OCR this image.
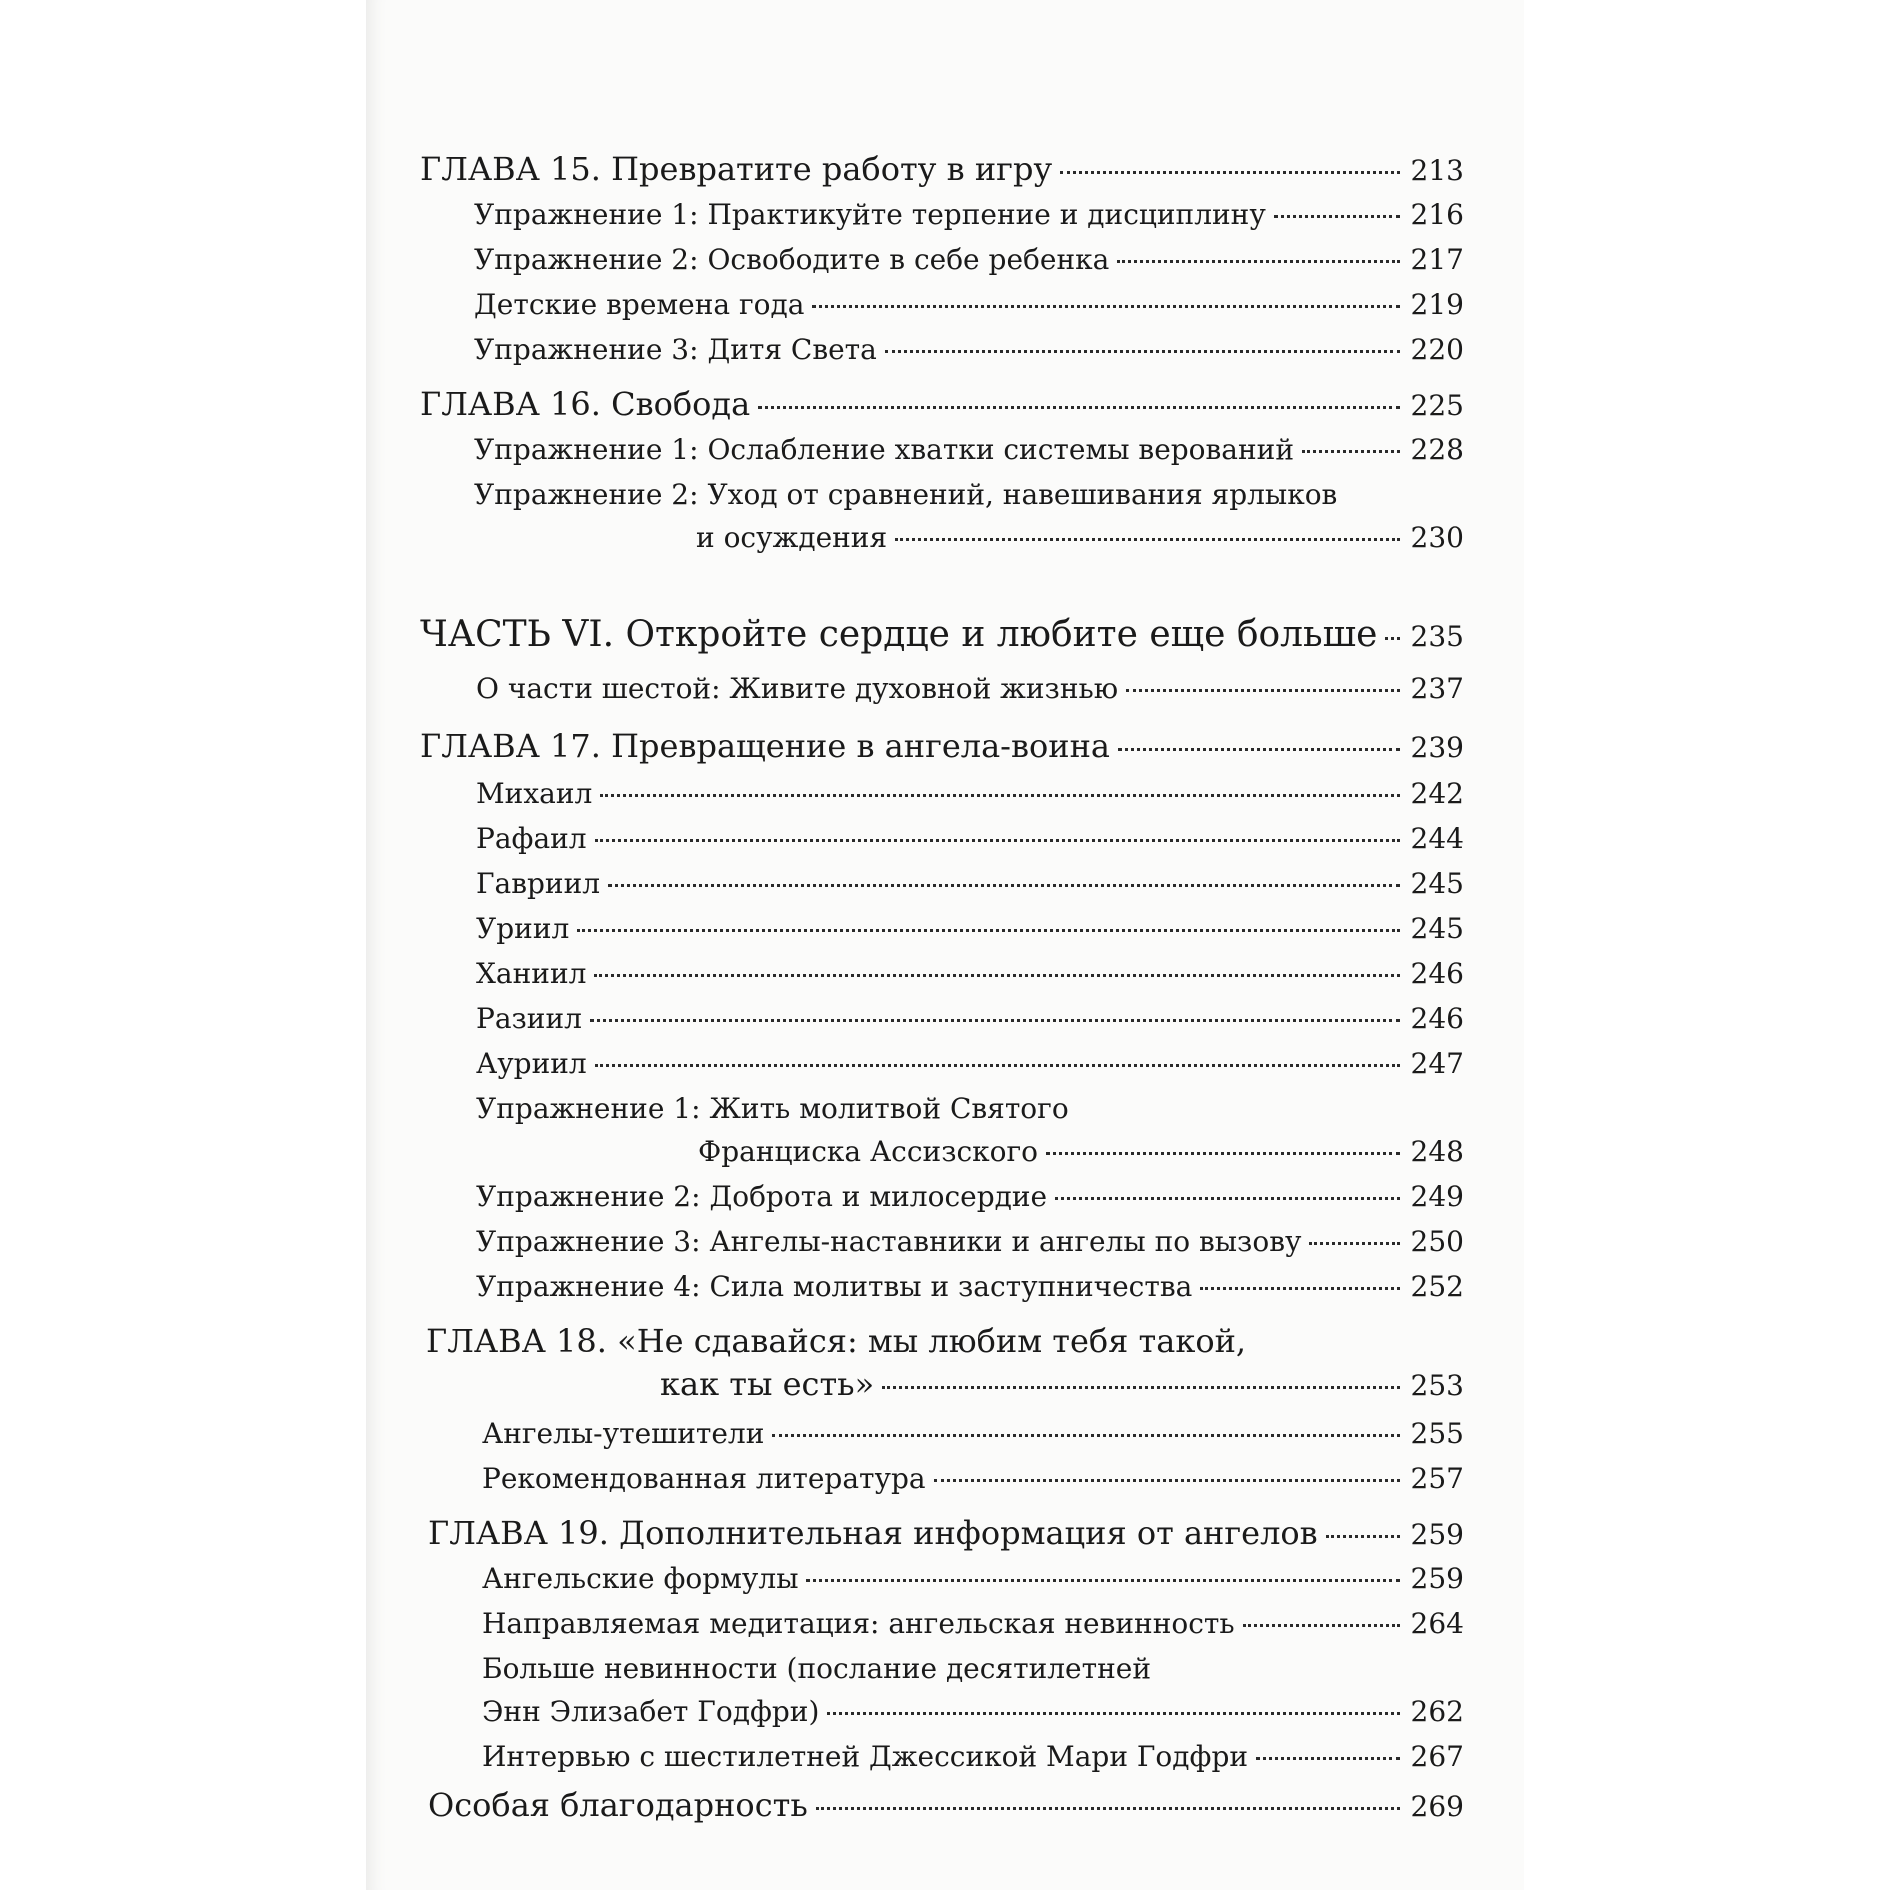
ГЛАВА 15. Превратите работу в игру	213
Упражнение 1: Практикуйте терпение и дисциплину	216
Упражнение 2: Освободите в себе ребенка	217
Детские времена года	219
Упражнение 3: Дитя Света	220
ГЛАВА 16. Свобода	225
Упражнение 1: Ослабление хватки системы верований	228
Упражнение 2: Уход от сравнений, навешивания ярлыков
и осуждения	230
ЧАСТЬ VI. Откройте сердце и любите еще больше 235
О части шестой: Живите духовной жизнью	237
ГЛАВА 17. Превращение в ангела-воина	239
Михаил	242
Рафаил	244
Гавриил	245
Уриил	245
Ханиил	246
Разиил	246
Ауриил	247
Упражнение 1: Жить молитвой Святого
Франциска Ассизского	248
Упражнение 2: Доброта и милосердие	249
Упражнение 3: Ангелы-наставники и ангелы по вызову	250
Упражнение 4: Сила молитвы и заступничества	252
ГЛАВА 18. «Не сдавайся: мы любим тебя такой,
как ты есть»	253
Ангелы-утешители	255
Рекомендованная литература	257
ГЛАВА 19. Дополнительная информация от ангелов	259
Ангельские формулы	259
Направляемая медитация: ангельская невинность	264
Больше невинности (послание десятилетней
Энн Элизабет Годфри)	262
Интервью с шестилетней Джессикой Мари Годфри	267
Особая благодарность	269
